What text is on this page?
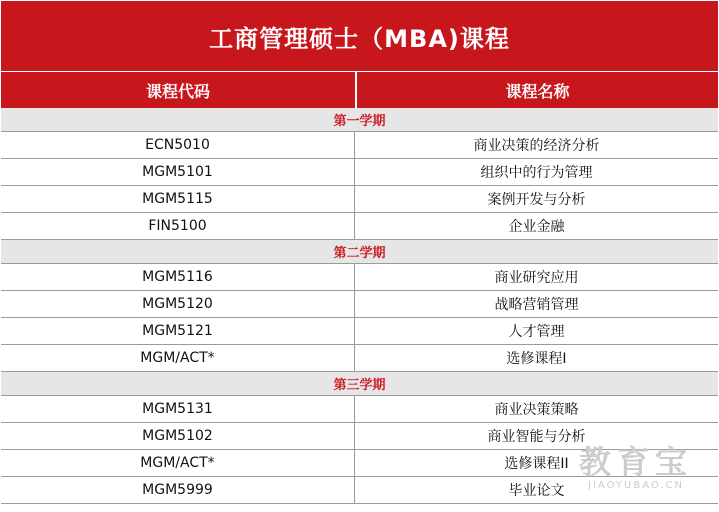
工商管理硕士（MBA)课程
课程代码	课程名称
第一学期
ECN5010	商业决策的经济分析
MGM5101	组织中的行为管理
MGM5115	案例开发与分析
FIN5100	企业金融
第二学期
MGM5116	商业研究应用
MGM5120	战略营销管理
MGM5121	人才管理
MGM/ACT*	选修课程I
第三学期
MGM5131	商业决策策略
MGM5102	商业智能与分析
MGM/ACT*	选修课程II
MGM5999	毕业论文
教育宝
JIAOYUBAO.CN
